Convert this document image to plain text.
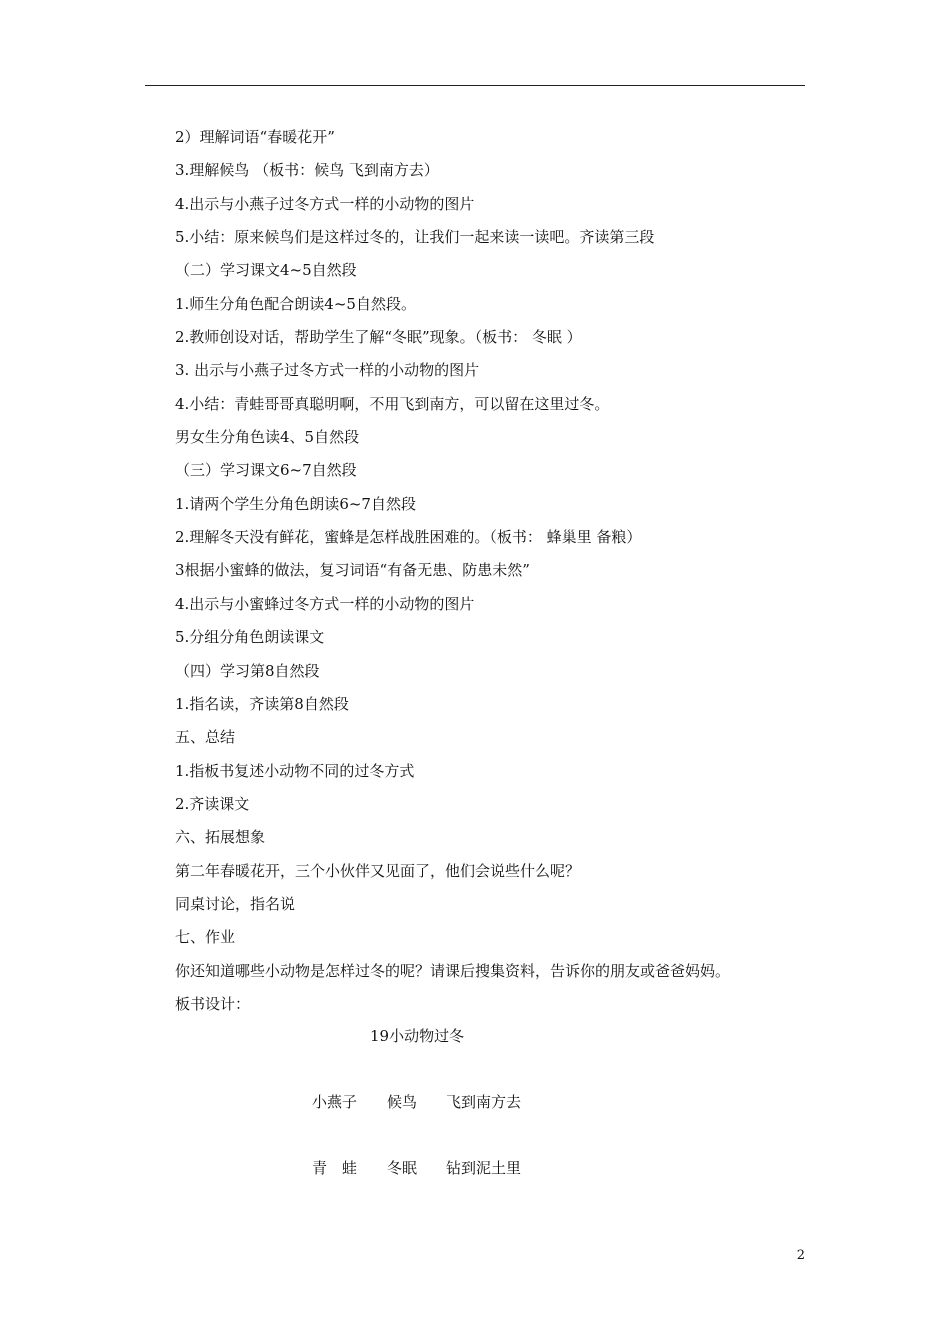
2）理解词语“春暖花开”
3.理解候鸟 （板书：候鸟 飞到南方去）
4.出示与小燕子过冬方式一样的小动物的图片
5.小结：原来候鸟们是这样过冬的，让我们一起来读一读吧。齐读第三段
（二）学习课文4~5自然段
1.师生分角色配合朗读4~5自然段。
2.教师创设对话，帮助学生了解“冬眠”现象。（板书： 冬眠 ）
3. 出示与小燕子过冬方式一样的小动物的图片
4.小结：青蛙哥哥真聪明啊，不用飞到南方，可以留在这里过冬。
男女生分角色读4、5自然段
（三）学习课文6~7自然段
1.请两个学生分角色朗读6~7自然段
2.理解冬天没有鲜花，蜜蜂是怎样战胜困难的。（板书： 蜂巢里 备粮）
3根据小蜜蜂的做法，复习词语“有备无患、防患未然”
4.出示与小蜜蜂过冬方式一样的小动物的图片
5.分组分角色朗读课文
（四）学习第8自然段
1.指名读，齐读第8自然段
五、总结
1.指板书复述小动物不同的过冬方式
2.齐读课文
六、拓展想象
第二年春暖花开，三个小伙伴又见面了，他们会说些什么呢？
同桌讨论，指名说
七、作业
你还知道哪些小动物是怎样过冬的呢？请课后搜集资料，告诉你的朋友或爸爸妈妈。
板书设计：
19小动物过冬
小燕子 候鸟 飞到南方去
青　蛙 冬眠 钻到泥土里
2
